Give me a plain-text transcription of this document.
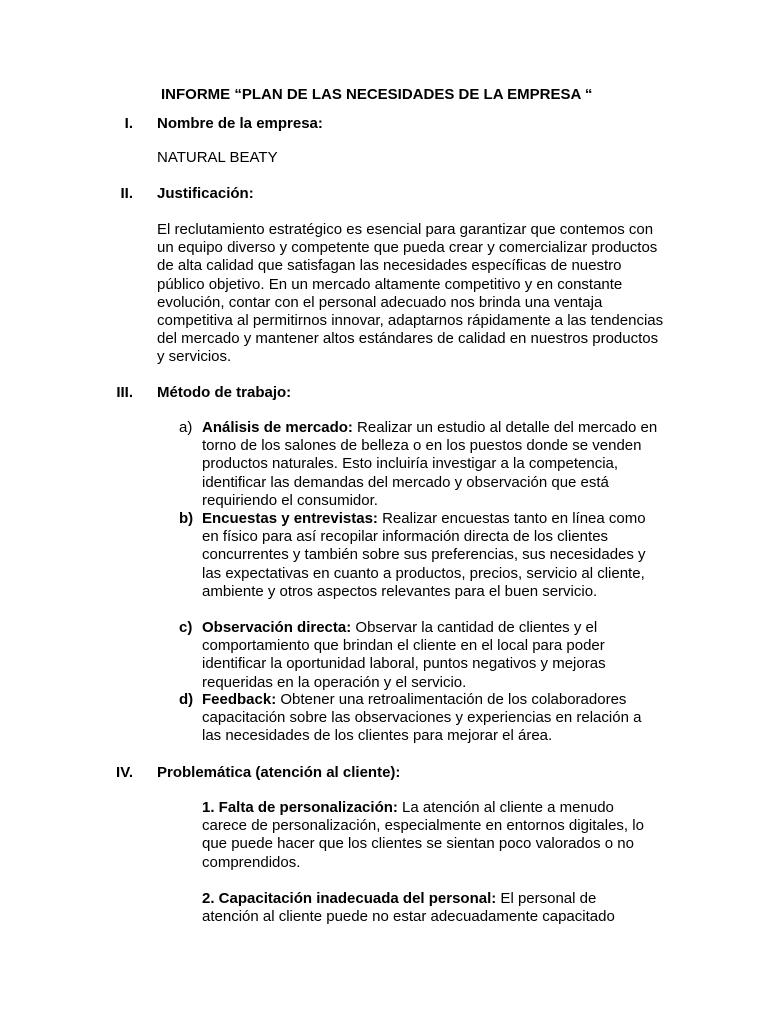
INFORME “PLAN DE LAS NECESIDADES DE LA EMPRESA “
I. Nombre de la empresa:
NATURAL BEATY
II. Justificación:

El reclutamiento estratégico es esencial para garantizar que contemos con un equipo diverso y competente que pueda crear y comercializar productos de alta calidad que satisfagan las necesidades específicas de nuestro público objetivo. En un mercado altamente competitivo y en constante evolución, contar con el personal adecuado nos brinda una ventaja competitiva al permitirnos innovar, adaptarnos rápidamente a las tendencias del mercado y mantener altos estándares de calidad en nuestros productos y servicios.

III. Método de trabajo:
a) Análisis de mercado: Realizar un estudio al detalle del mercado en torno de los salones de belleza o en los puestos donde se venden productos naturales. Esto incluiría investigar a la competencia, identificar las demandas del mercado y observación que está requiriendo el consumidor.
b) Encuestas y entrevistas: Realizar encuestas tanto en línea como en físico para así recopilar información directa de los clientes concurrentes y también sobre sus preferencias, sus necesidades y las expectativas en cuanto a productos, precios, servicio al cliente, ambiente y otros aspectos relevantes para el buen servicio.
c) Observación directa: Observar la cantidad de clientes y el comportamiento que brindan el cliente en el local para poder identificar la oportunidad laboral, puntos negativos y mejoras requeridas en la operación y el servicio.
d) Feedback: Obtener una retroalimentación de los colaboradores capacitación sobre las observaciones y experiencias en relación a las necesidades de los clientes para mejorar el área.
IV. Problemática (atención al cliente):

1. Falta de personalización: La atención al cliente a menudo carece de personalización, especialmente en entornos digitales, lo que puede hacer que los clientes se sientan poco valorados o no comprendidos.

2. Capacitación inadecuada del personal: El personal de atención al cliente puede no estar adecuadamente capacitado
